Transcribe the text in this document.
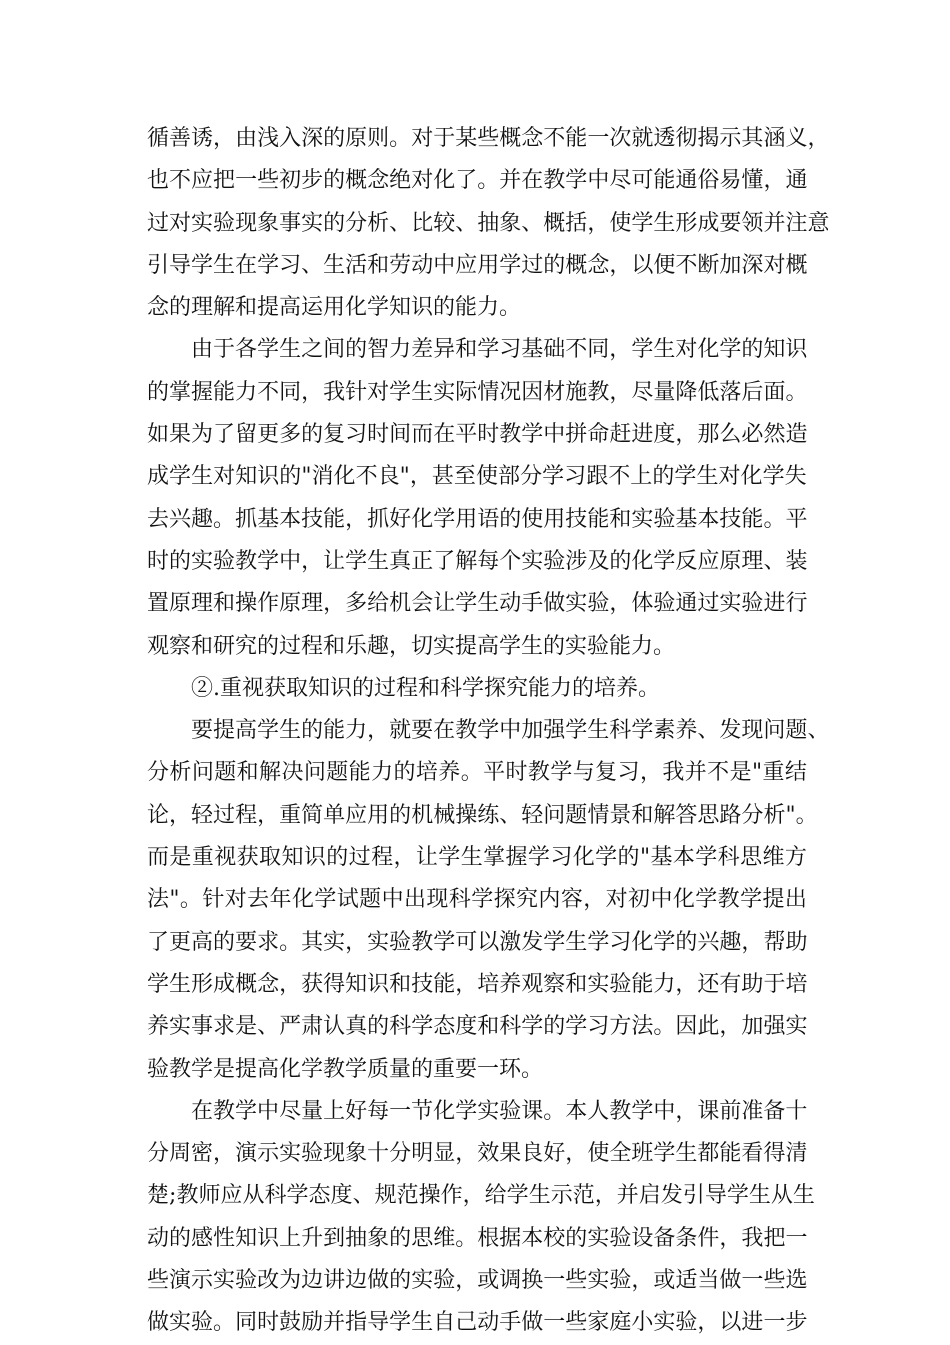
循 善 诱 ， 由 浅 入 深 的 原 则 。 对 于 某 些 概 念 不 能 一 次 就 透 彻 揭 示 其 涵 义 ，
也 不 应 把 一 些 初 步 的 概 念 绝 对 化 了 。 并 在 教 学 中 尽 可 能 通 俗 易 懂 ， 通
过 对 实 验 现 象 事 实 的 分 析 、 比 较 、 抽 象 、 概 括 ， 使 学 生 形 成 要 领 并 注 意
引 导 学 生 在 学 习 、 生 活 和 劳 动 中 应 用 学 过 的 概 念 ， 以 便 不 断 加 深 对 概
念的理解和提高运用化学知识的能力。
由 于 各 学 生 之 间 的 智 力 差 异 和 学 习 基 础 不 同 ， 学 生 对 化 学 的 知 识
的 掌 握 能 力 不 同 ， 我 针 对 学 生 实 际 情 况 因 材 施 教 ， 尽 量 降 低 落 后 面 。
如 果 为 了 留 更 多 的 复 习 时 间 而 在 平 时 教 学 中 拼 命 赶 进 度 ， 那 么 必 然 造
成 学 生 对 知 识 的 " 消 化 不 良 " ， 甚 至 使 部 分 学 习 跟 不 上 的 学 生 对 化 学 失
去 兴 趣 。 抓 基 本 技 能 ， 抓 好 化 学 用 语 的 使 用 技 能 和 实 验 基 本 技 能 。 平
时 的 实 验 教 学 中 ， 让 学 生 真 正 了 解 每 个 实 验 涉 及 的 化 学 反 应 原 理 、 装
置 原 理 和 操 作 原 理 ， 多 给 机 会 让 学 生 动 手 做 实 验 ， 体 验 通 过 实 验 进 行
观察和研究的过程和乐趣，切实提高学生的实验能力。
②.重视获取知识的过程和科学探究能力的培养。
要 提 高 学 生 的 能 力 ， 就 要 在 教 学 中 加 强 学 生 科 学 素 养 、 发 现 问 题 、
分 析 问 题 和 解 决 问 题 能 力 的 培 养 。 平 时 教 学 与 复 习 ， 我 并 不 是 " 重 结
论 ， 轻 过 程 ， 重 简 单 应 用 的 机 械 操 练 、 轻 问 题 情 景 和 解 答 思 路 分 析 " 。
而 是 重 视 获 取 知 识 的 过 程 ， 让 学 生 掌 握 学 习 化 学 的 " 基 本 学 科 思 维 方
法 " 。 针 对 去 年 化 学 试 题 中 出 现 科 学 探 究 内 容 ， 对 初 中 化 学 教 学 提 出
了 更 高 的 要 求 。 其 实 ， 实 验 教 学 可 以 激 发 学 生 学 习 化 学 的 兴 趣 ， 帮 助
学 生 形 成 概 念 ， 获 得 知 识 和 技 能 ， 培 养 观 察 和 实 验 能 力 ， 还 有 助 于 培
养 实 事 求 是 、 严 肃 认 真 的 科 学 态 度 和 科 学 的 学 习 方 法 。 因 此 ， 加 强 实
验教学是提高化学教学质量的重要一环。
在 教 学 中 尽 量 上 好 每 一 节 化 学 实 验 课 。 本 人 教 学 中 ， 课 前 准 备 十
分 周 密 ， 演 示 实 验 现 象 十 分 明 显 ， 效 果 良 好 ， 使 全 班 学 生 都 能 看 得 清
楚 ; 教 师 应 从 科 学 态 度 、 规 范 操 作 ， 给 学 生 示 范 ， 并 启 发 引 导 学 生 从 生
动 的 感 性 知 识 上 升 到 抽 象 的 思 维 。 根 据 本 校 的 实 验 设 备 条 件 ， 我 把 一
些 演 示 实 验 改 为 边 讲 边 做 的 实 验 ， 或 调 换 一 些 实 验 ， 或 适 当 做 一 些 选
做 实 验 。 同 时 鼓 励 并 指 导 学 生 自 己 动 手 做 一 些 家 庭 小 实 验 ， 以 进 一 步
